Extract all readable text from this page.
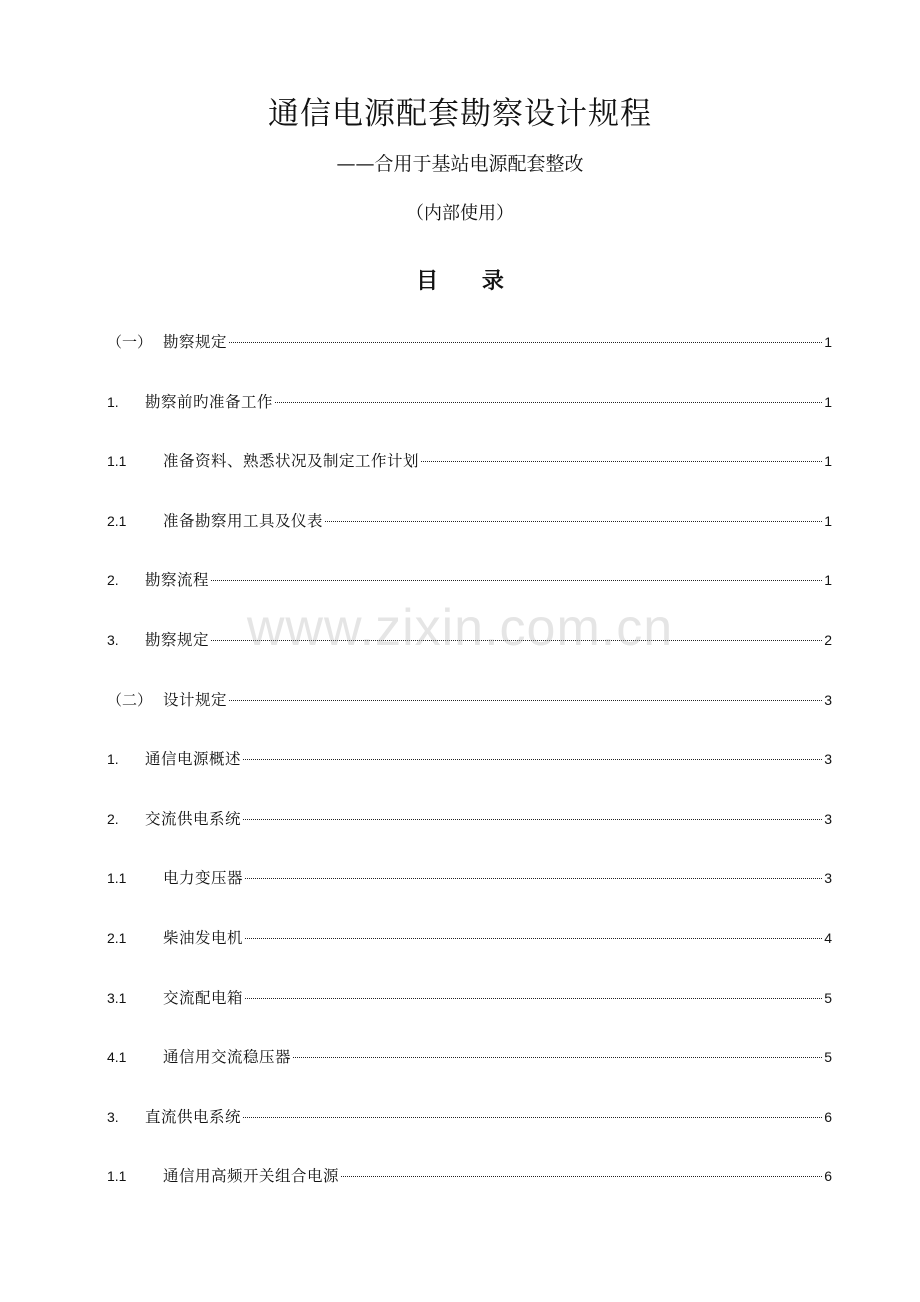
通信电源配套勘察设计规程
——合用于基站电源配套整改
（内部使用）
目 录
（一） 勘察规定	1
1.	勘察前旳准备工作	1
1.1	准备资料、熟悉状况及制定工作计划	1
2.1	准备勘察用工具及仪表	1
2.	勘察流程	1
3.	勘察规定	2
（二） 设计规定	3
1.	通信电源概述	3
2.	交流供电系统	3
1.1	电力变压器	3
2.1	柴油发电机	4
3.1	交流配电箱	5
4.1	通信用交流稳压器	5
3.	直流供电系统	6
1.1	通信用高频开关组合电源	6
www.zixin.com.cn
